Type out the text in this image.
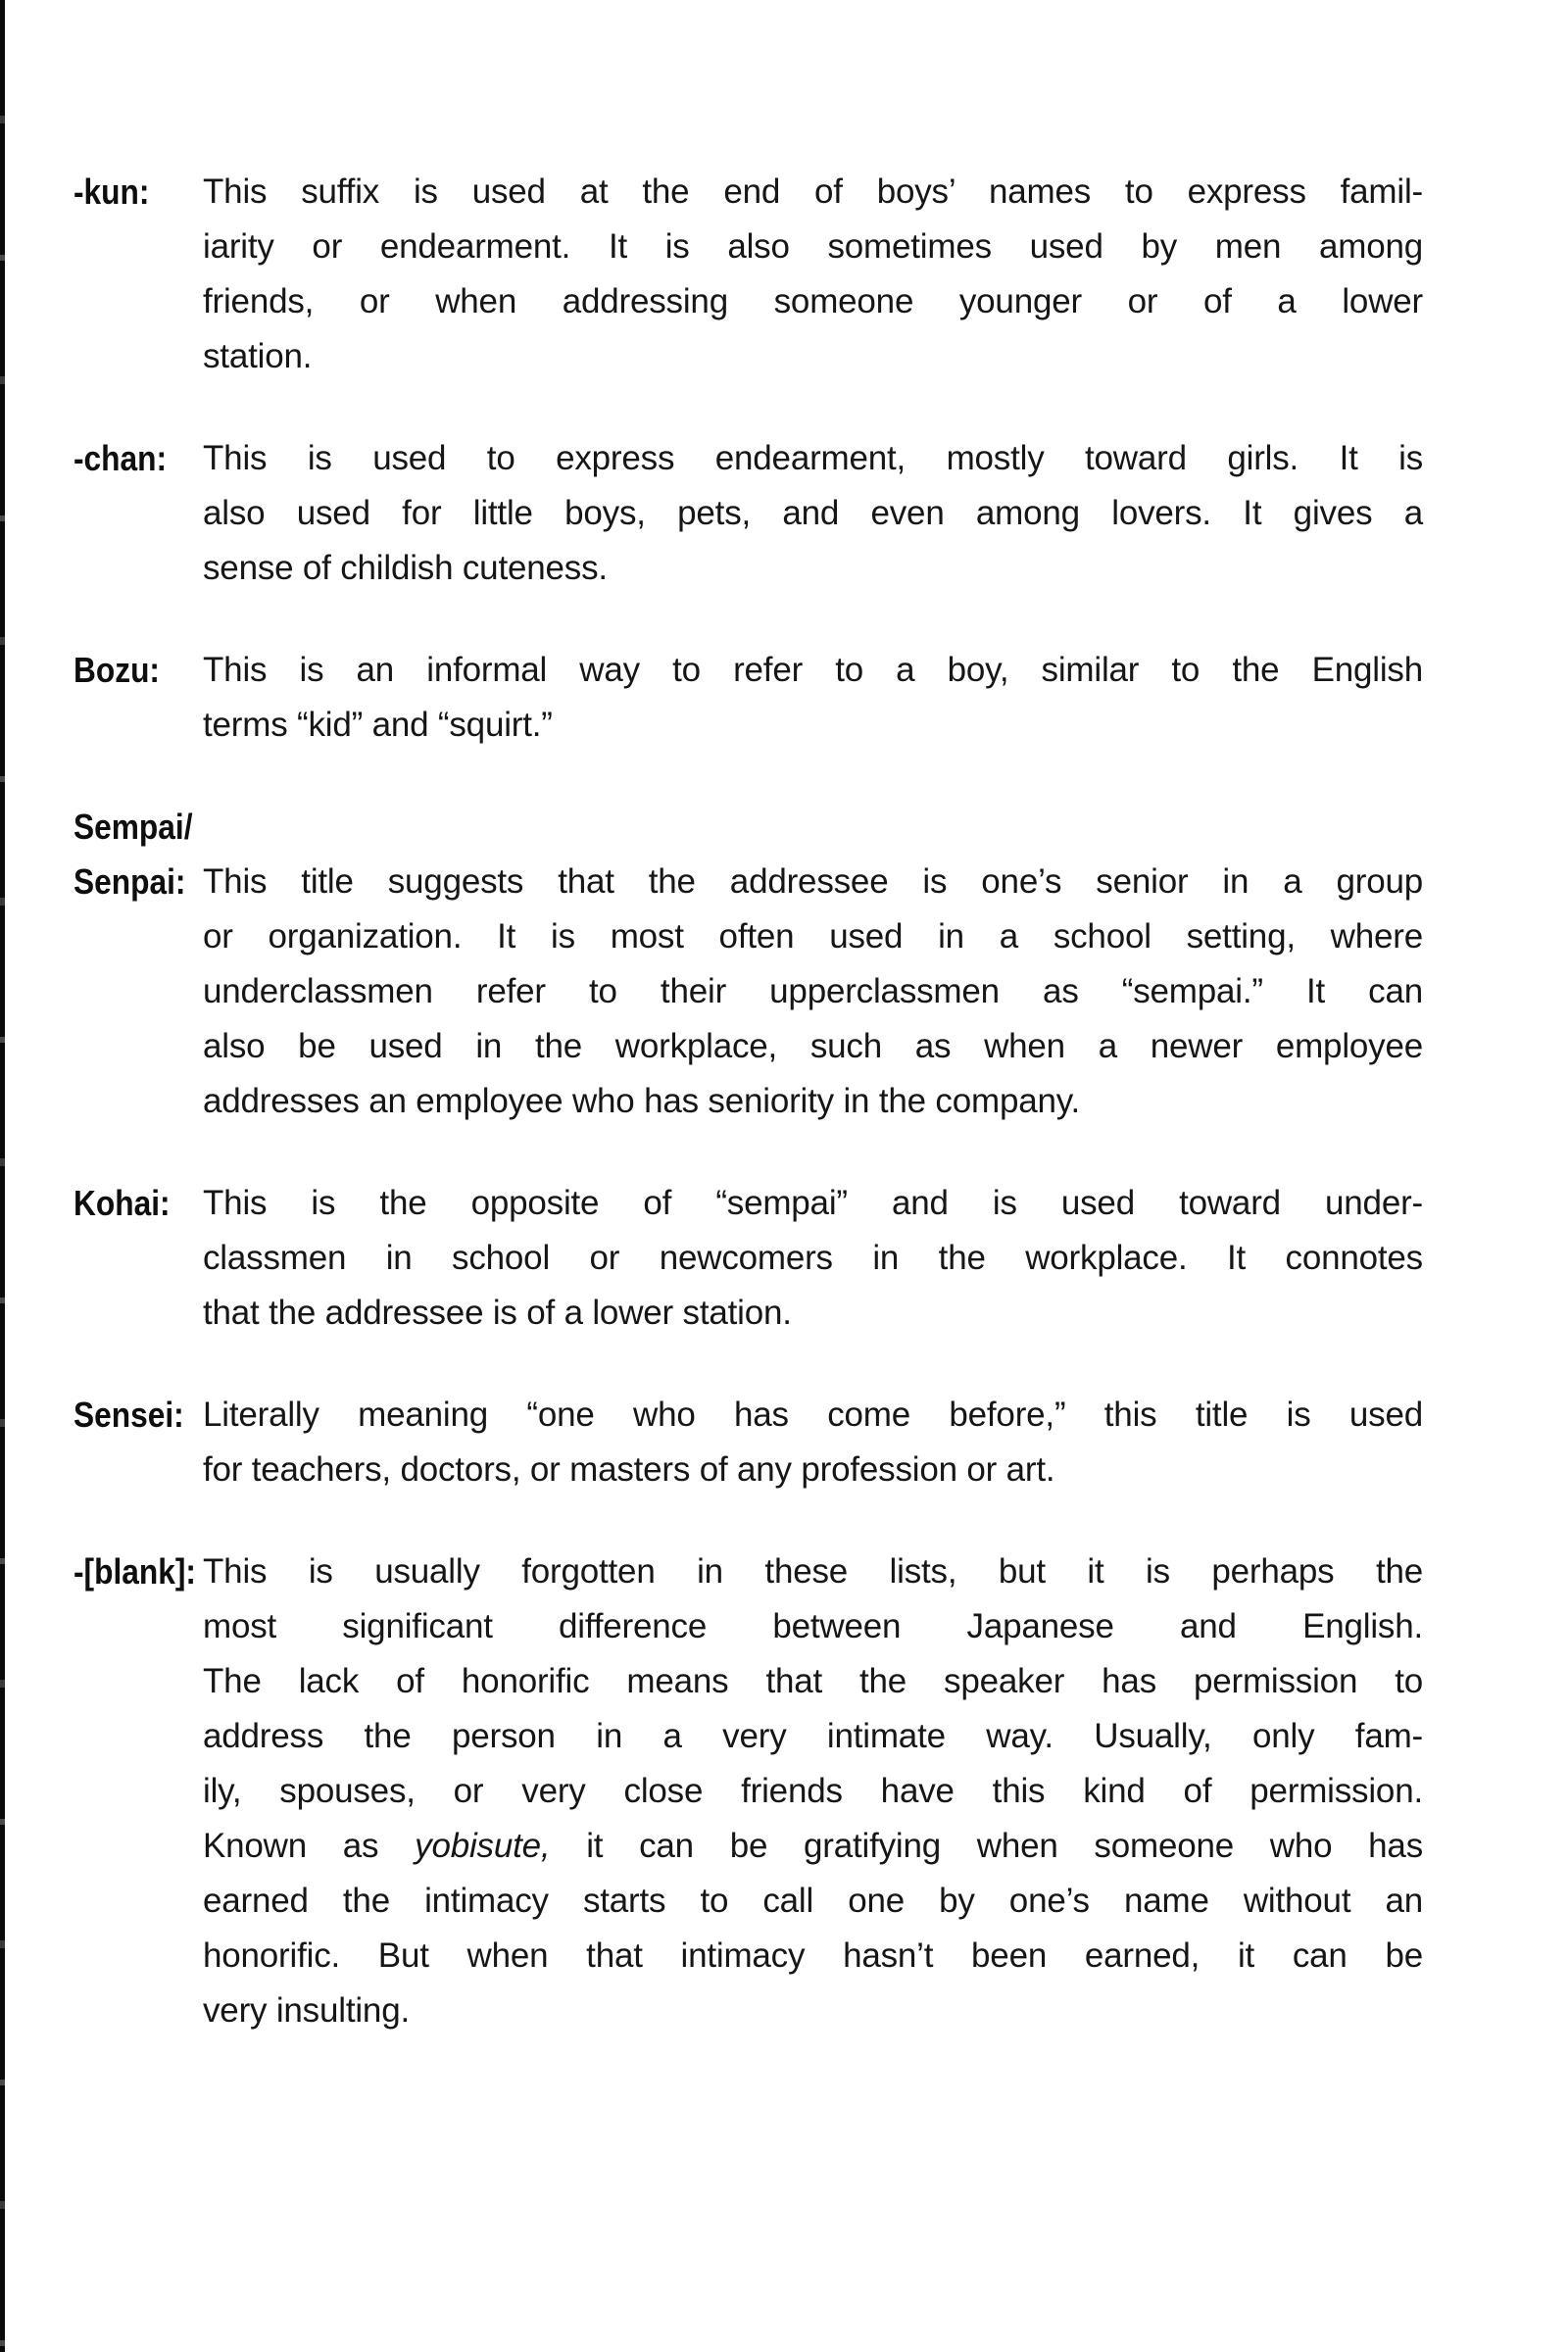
-kun:	This suffix is used at the end of boys’ names to express famil-
iarity or endearment. It is also sometimes used by men among
friends, or when addressing someone younger or of a lower
station.
-chan:	This is used to express endearment, mostly toward girls. It is
also used for little boys, pets, and even among lovers. It gives a
sense of childish cuteness.
Bozu:	This is an informal way to refer to a boy, similar to the English
terms “kid” and “squirt.”
Sempai/
Senpai: This title suggests that the addressee is one’s senior in a group
or organization. It is most often used in a school setting, where
underclassmen refer to their upperclassmen as “sempai.” It can
also be used in the workplace, such as when a newer employee
addresses an employee who has seniority in the company.
Kohai: This is the opposite of “sempai” and is used toward under-
classmen in school or newcomers in the workplace. It connotes
that the addressee is of a lower station.
Sensei: Literally meaning “one who has come before,” this title is used
for teachers, doctors, or masters of any profession or art.
-[blank]: This is usually forgotten in these lists, but it is perhaps the
most significant difference between Japanese and English.
The lack of honorific means that the speaker has permission to
address the person in a very intimate way. Usually, only fam-
ily, spouses, or very close friends have this kind of permission.
Known as yobisute, it can be gratifying when someone who has
earned the intimacy starts to call one by one’s name without an
honorific. But when that intimacy hasn’t been earned, it can be
very insulting.
